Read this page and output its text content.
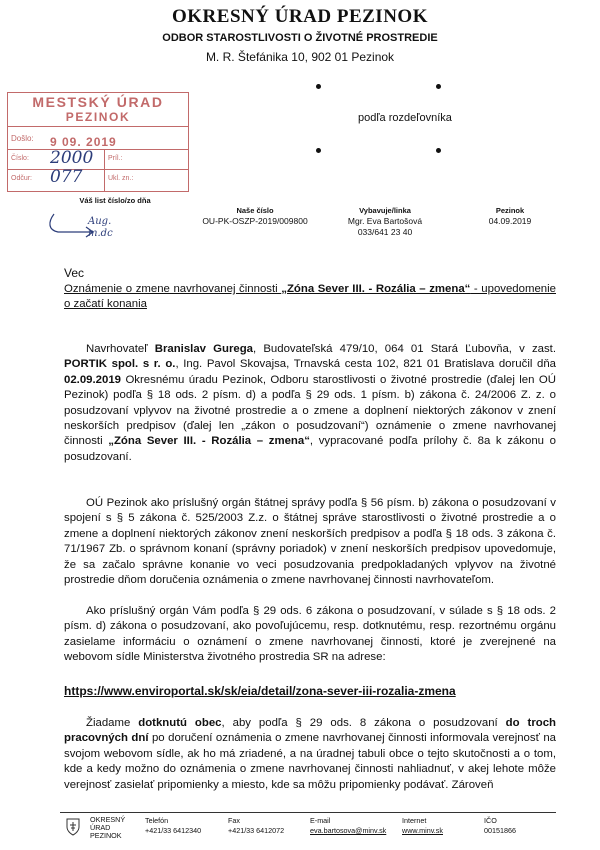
OKRESNÝ ÚRAD PEZINOK
ODBOR STAROSTLIVOSTI O ŽIVOTNÉ PROSTREDIE
M. R. Štefánika 10, 902 01 Pezinok
podľa rozdeľovníka
MESTSKÝ ÚRAD
PEZINOK
Došlo: 9 09. 2019
Číslo:	Príl.:
Odčur:	Ukl. zn.:
2000
077
Váš list číslo/zo dňa
Naše číslo
OU-PK-OSZP-2019/009800
Vybavuje/linka
Mgr. Eva Bartošová
033/641 23 40
Pezinok
04.09.2019
Aug. m.dc
Vec
Oznámenie o zmene navrhovanej činnosti „Zóna Sever III. - Rozália – zmena“ - upovedomenie o začatí konania
Navrhovateľ Branislav Gurega, Budovateľská 479/10, 064 01 Stará Ľubovňa, v zast. PORTIK spol. s r. o., Ing. Pavol Skovajsa, Trnavská cesta 102, 821 01 Bratislava doručil dňa 02.09.2019 Okresnému úradu Pezinok, Odboru starostlivosti o životné prostredie (ďalej len OÚ Pezinok) podľa § 18 ods. 2 písm. d) a podľa § 29 ods. 1 písm. b) zákona č. 24/2006 Z. z. o posudzovaní vplyvov na životné prostredie a o zmene a doplnení niektorých zákonov v znení neskorších predpisov (ďalej len „zákon o posudzovaní“) oznámenie o zmene navrhovanej činnosti „Zóna Sever III. - Rozália – zmena“, vypracované podľa prílohy č. 8a k zákonu o posudzovaní.
OÚ Pezinok ako príslušný orgán štátnej správy podľa § 56 písm. b) zákona o posudzovaní v spojení s § 5 zákona č. 525/2003 Z.z. o štátnej správe starostlivosti o životné prostredie a o zmene a doplnení niektorých zákonov znení neskorších predpisov a podľa § 18 ods. 3 zákona č. 71/1967 Zb. o správnom konaní (správny poriadok) v znení neskorších predpisov upovedomuje, že sa začalo správne konanie vo veci posudzovania predpokladaných vplyvov na životné prostredie dňom doručenia oznámenia o zmene navrhovanej činnosti navrhovateľom.
Ako príslušný orgán Vám podľa § 29 ods. 6 zákona o posudzovaní, v súlade s § 18 ods. 2 písm. d) zákona o posudzovaní, ako povoľujúcemu, resp. dotknutému, resp. rezortnému orgánu zasielame informáciu o oznámení o zmene navrhovanej činnosti, ktoré je zverejnené na webovom sídle Ministerstva životného prostredia SR na adrese:
https://www.enviroportal.sk/sk/eia/detail/zona-sever-iii-rozalia-zmena
Žiadame dotknutú obec, aby podľa § 29 ods. 8 zákona o posudzovaní do troch pracovných dní po doručení oznámenia o zmene navrhovanej činnosti informovala verejnosť na svojom webovom sídle, ak ho má zriadené, a na úradnej tabuli obce o tejto skutočnosti a o tom, kde a kedy možno do oznámenia o zmene navrhovanej činnosti nahliadnuť, v akej lehote môže verejnosť zasielať pripomienky a miesto, kde sa môžu pripomienky podávať. Zároveň
OKRESNÝ
ÚRAD
PEZINOK
Telefón
+421/33 6412340
Fax
+421/33 6412072
E-mail
eva.bartosova@minv.sk
Internet
www.minv.sk
IČO
00151866
